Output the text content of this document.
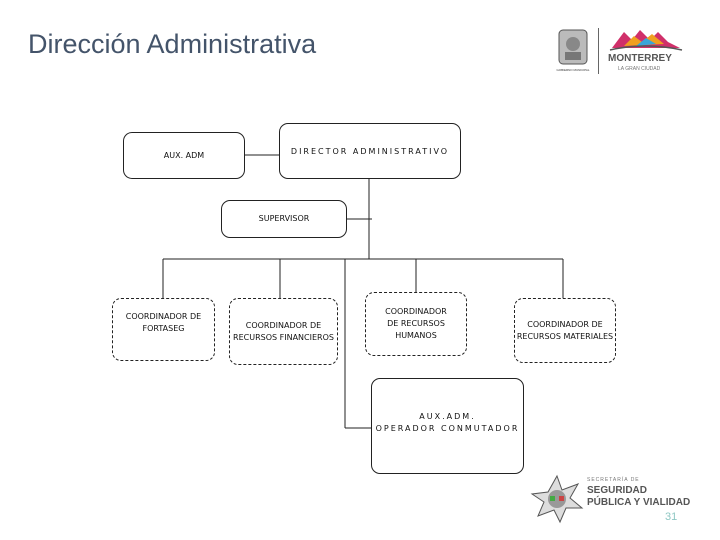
Dirección Administrativa
GOBIERNO MUNICIPAL
MONTERREY
LA GRAN CIUDAD
DIRECTOR ADMINISTRATIVO
AUX. ADM
SUPERVISOR
COORDINADOR DE FORTASEG	COORDINADOR DE RECURSOS FINANCIEROS
COORDINADOR DE RECURSOS HUMANOS
COORDINADOR DE RECURSOS MATERIALES
AUX.ADM.
OPERADOR CONMUTADOR
SECRETARÍA DE
SEGURIDAD
PÚBLICA Y VIALIDAD
31
